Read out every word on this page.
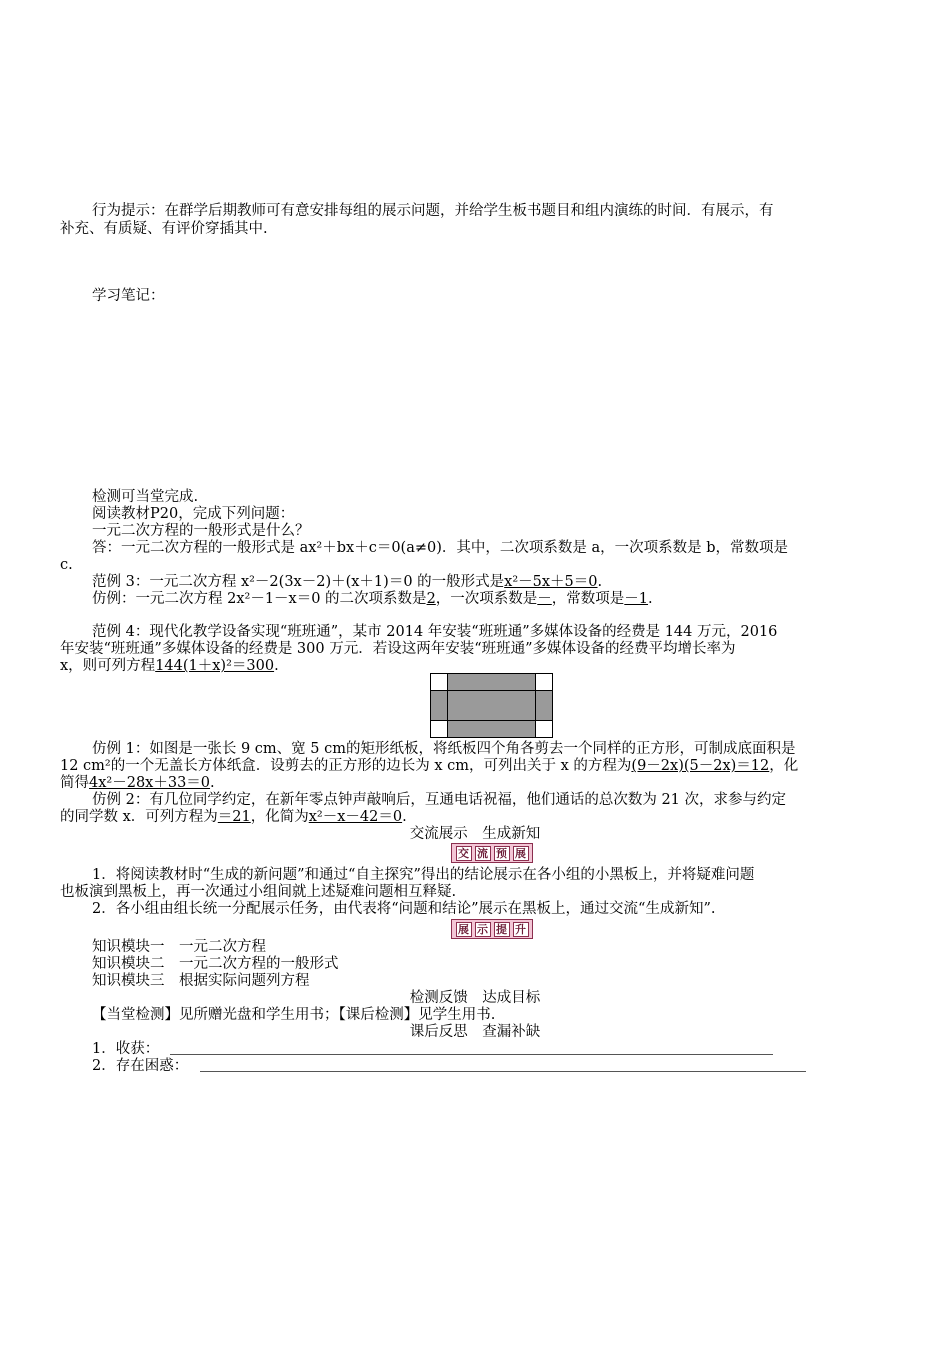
行为提示：在群学后期教师可有意安排每组的展示问题，并给学生板书题目和组内演练的时间．有展示，有
补充、有质疑、有评价穿插其中.
学习笔记：
检测可当堂完成.
阅读教材P20，完成下列问题：
一元二次方程的一般形式是什么？
答：一元二次方程的一般形式是 ax²＋bx＋c＝0(a≠0)．其中，二次项系数是 a，一次项系数是 b，常数项是
c.
范例 3：一元二次方程 x²－2(3x－2)＋(x＋1)＝0 的一般形式是x²－5x＋5＝0.
仿例：一元二次方程 2x²－1－x＝0 的二次项系数是2，一次项系数是－，常数项是－1.
范例 4：现代化教学设备实现“班班通”，某市 2014 年安装“班班通”多媒体设备的经费是 144 万元，2016
年安装“班班通”多媒体设备的经费是 300 万元．若设这两年安装“班班通”多媒体设备的经费平均增长率为
x，则可列方程144(1＋x)²＝300.
仿例 1：如图是一张长 9 cm、宽 5 cm的矩形纸板，将纸板四个角各剪去一个同样的正方形，可制成底面积是
12 cm²的一个无盖长方体纸盒．设剪去的正方形的边长为 x cm，可列出关于 x 的方程为(9－2x)(5－2x)＝12，化
简得4x²－28x＋33＝0.
仿例 2：有几位同学约定，在新年零点钟声敲响后，互通电话祝福，他们通话的总次数为 21 次，求参与约定
的同学数 x．可列方程为＝21，化简为x²－x－42＝0.
交流展示　生成新知
交 流 预 展
1．将阅读教材时“生成的新问题”和通过“自主探究”得出的结论展示在各小组的小黑板上，并将疑难问题
也板演到黑板上，再一次通过小组间就上述疑难问题相互释疑.
2．各小组由组长统一分配展示任务，由代表将“问题和结论”展示在黑板上，通过交流“生成新知”.
展 示 提 升
知识模块一　一元二次方程
知识模块二　一元二次方程的一般形式
知识模块三　根据实际问题列方程
检测反馈　达成目标
【当堂检测】见所赠光盘和学生用书；【课后检测】见学生用书.
课后反思　查漏补缺
1．收获：
2．存在困惑：
